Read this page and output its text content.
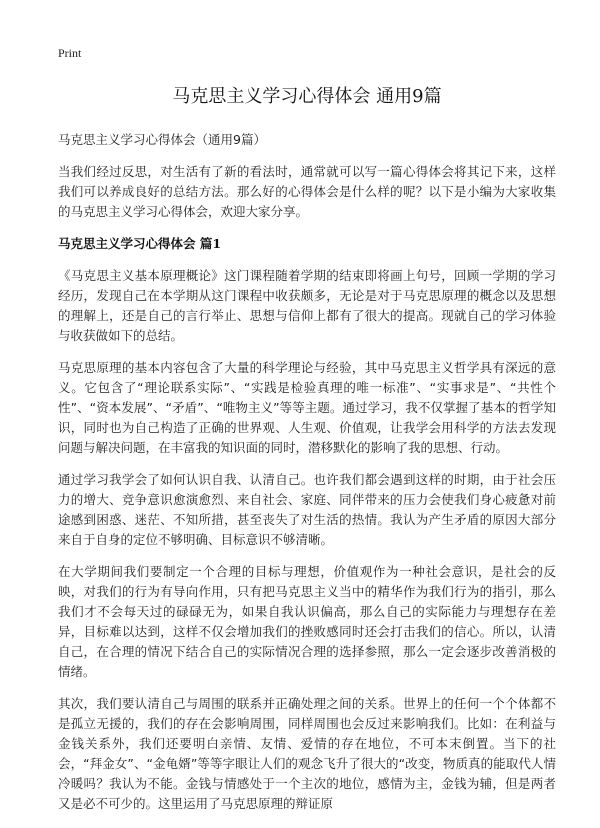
Print
马克思主义学习心得体会 通用9篇

马克思主义学习心得体会（通用9篇）

当我们经过反思，对生活有了新的看法时，通常就可以写一篇心得体会将其记下来，这样我们可以养成良好的总结方法。那么好的心得体会是什么样的呢？以下是小编为大家收集的马克思主义学习心得体会，欢迎大家分享。

马克思主义学习心得体会 篇1

《马克思主义基本原理概论》这门课程随着学期的结束即将画上句号，回顾一学期的学习经历，发现自己在本学期从这门课程中收获颇多，无论是对于马克思原理的概念以及思想的理解上，还是自己的言行举止、思想与信仰上都有了很大的提高。现就自己的学习体验与收获做如下的总结。

马克思原理的基本内容包含了大量的科学理论与经验，其中马克思主义哲学具有深远的意义。它包含了“理论联系实际”、“实践是检验真理的唯一标准”、“实事求是”、“共性个性”、“资本发展”、“矛盾”、“唯物主义”等等主题。通过学习，我不仅掌握了基本的哲学知识，同时也为自己构造了正确的世界观、人生观、价值观，让我学会用科学的方法去发现问题与解决问题，在丰富我的知识面的同时，潜移默化的影响了我的思想、行动。

通过学习我学会了如何认识自我、认清自己。也许我们都会遇到这样的时期，由于社会压力的增大、竞争意识愈演愈烈、来自社会、家庭、同伴带来的压力会使我们身心疲惫对前途感到困惑、迷茫、不知所措，甚至丧失了对生活的热情。我认为产生矛盾的原因大部分来自于自身的定位不够明确、目标意识不够清晰。

在大学期间我们要制定一个合理的目标与理想，价值观作为一种社会意识，是社会的反映，对我们的行为有导向作用，只有把马克思主义当中的精华作为我们行为的指引，那么我们才不会每天过的碌碌无为，如果自我认识偏高，那么自己的实际能力与理想存在差异，目标难以达到，这样不仅会增加我们的挫败感同时还会打击我们的信心。所以，认清自己，在合理的情况下结合自己的实际情况合理的选择参照，那么一定会逐步改善消极的情绪。

其次，我们要认清自己与周围的联系并正确处理之间的关系。世界上的任何一个个体都不是孤立无援的，我们的存在会影响周围，同样周围也会反过来影响我们。比如：在利益与金钱关系外，我们还要明白亲情、友情、爱情的存在地位，不可本末倒置。当下的社会，“拜金女”、“金龟婿”等等字眼让人们的观念飞升了很大的“改变，物质真的能取代人情冷暖吗？我认为不能。金钱与情感处于一个主次的地位，感情为主，金钱为辅，但是两者又是必不可少的。这里运用了马克思原理的辩证原
